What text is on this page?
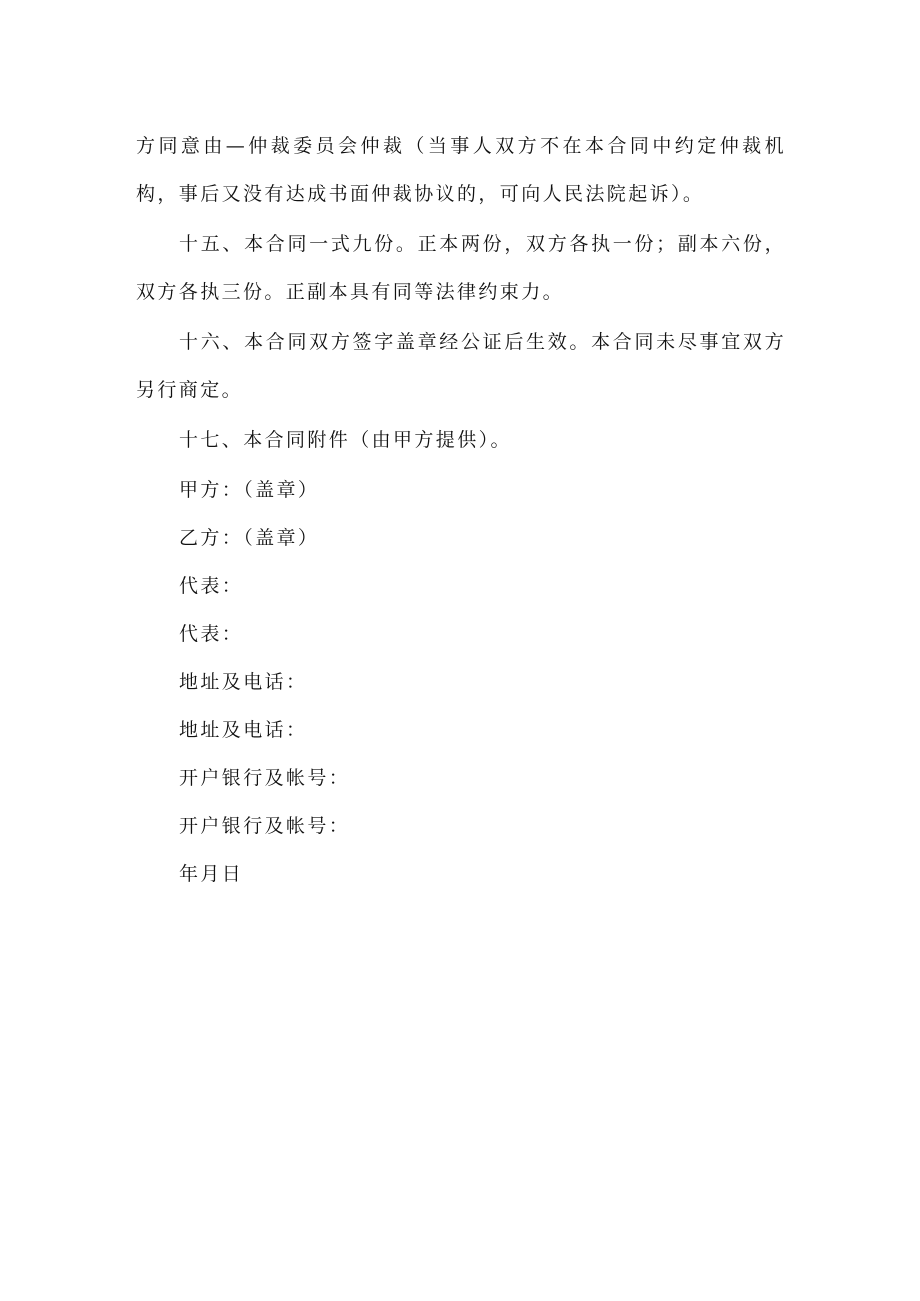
方同意由—仲裁委员会仲裁（当事人双方不在本合同中约定仲裁机构，事后又没有达成书面仲裁协议的，可向人民法院起诉）。

十五、本合同一式九份。正本两份，双方各执一份；副本六份，双方各执三份。正副本具有同等法律约束力。

十六、本合同双方签字盖章经公证后生效。本合同未尽事宜双方另行商定。

十七、本合同附件（由甲方提供）。

甲方：（盖章）
乙方：（盖章）
代表：
代表：
地址及电话：
地址及电话：
开户银行及帐号：
开户银行及帐号：
年月日
